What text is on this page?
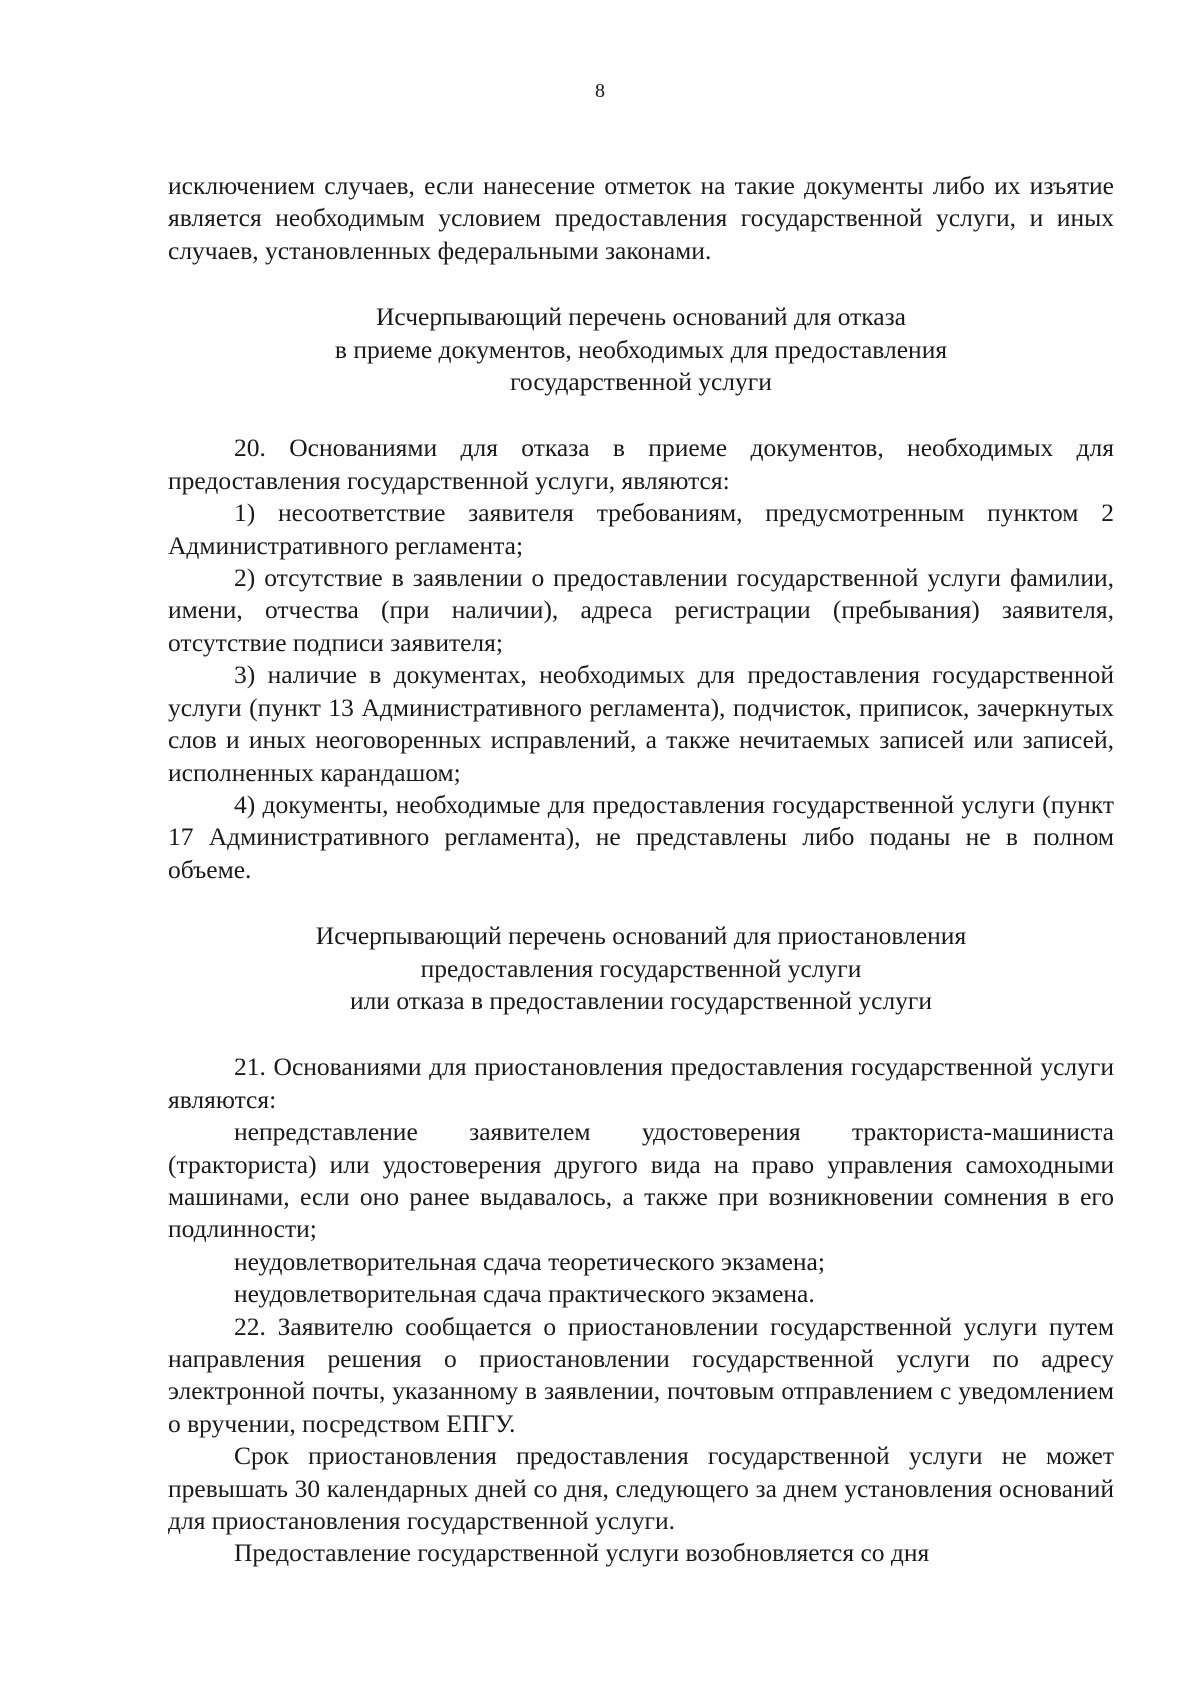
8

исключением случаев, если нанесение отметок на такие документы либо их изъятие является необходимым условием предоставления государственной услуги, и иных случаев, установленных федеральными законами.

Исчерпывающий перечень оснований для отказа
в приеме документов, необходимых для предоставления
государственной услуги

20. Основаниями для отказа в приеме документов, необходимых для предоставления государственной услуги, являются:

1) несоответствие заявителя требованиям, предусмотренным пунктом 2 Административного регламента;

2) отсутствие в заявлении о предоставлении государственной услуги фамилии, имени, отчества (при наличии), адреса регистрации (пребывания) заявителя, отсутствие подписи заявителя;

3) наличие в документах, необходимых для предоставления государственной услуги (пункт 13 Административного регламента), подчисток, приписок, зачеркнутых слов и иных неоговоренных исправлений, а также нечитаемых записей или записей, исполненных карандашом;

4) документы, необходимые для предоставления государственной услуги (пункт 17 Административного регламента), не представлены либо поданы не в полном объеме.

Исчерпывающий перечень оснований для приостановления
предоставления государственной услуги
или отказа в предоставлении государственной услуги

21. Основаниями для приостановления предоставления государственной услуги являются:

непредставление заявителем удостоверения тракториста-машиниста (тракториста) или удостоверения другого вида на право управления самоходными машинами, если оно ранее выдавалось, а также при возникновении сомнения в его подлинности;

неудовлетворительная сдача теоретического экзамена;

неудовлетворительная сдача практического экзамена.

22. Заявителю сообщается о приостановлении государственной услуги путем направления решения о приостановлении государственной услуги по адресу электронной почты, указанному в заявлении, почтовым отправлением с уведомлением о вручении, посредством ЕПГУ.

Срок приостановления предоставления государственной услуги не может превышать 30 календарных дней со дня, следующего за днем установления оснований для приостановления государственной услуги.

Предоставление государственной услуги возобновляется со дня
